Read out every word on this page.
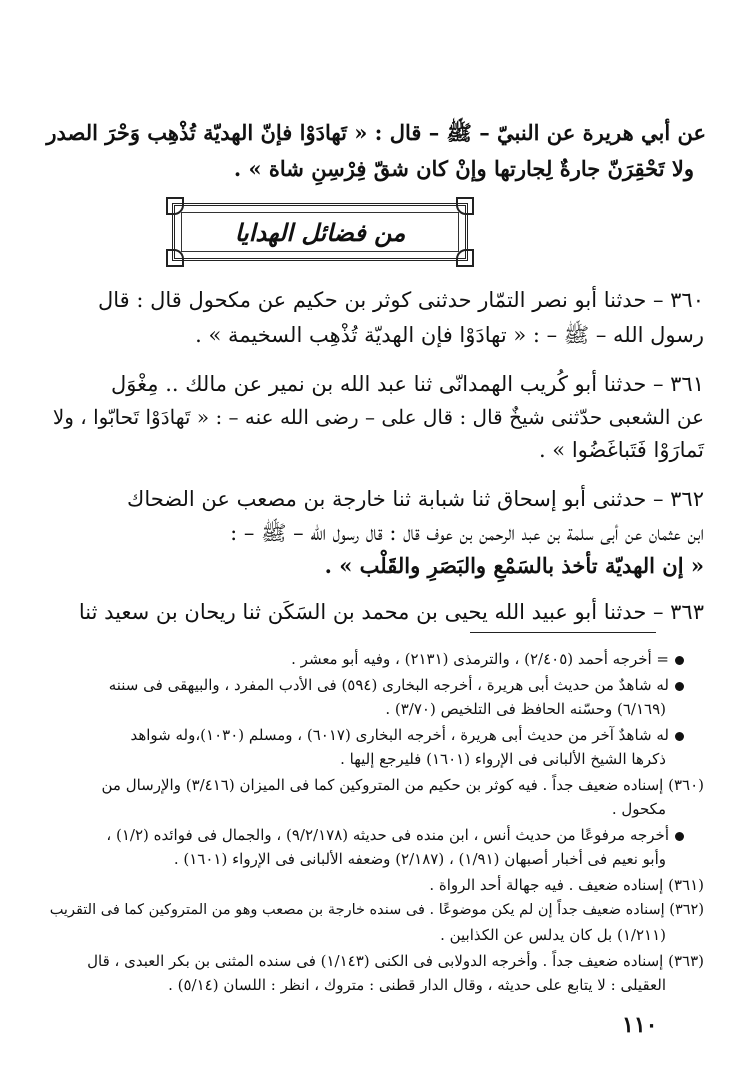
عن أبي هريرة عن النبيّ – ﷺ – قال : « تَهادَوْا فإنّ الهديّة تُذْهِب وَحْرَ الصدر
ولا تَحْقِرَنّ جارةٌ لِجارتها وإنْ كان شقّ فِرْسِنِ شاة » .
من فضائل الهدايا
٣٦٠ – حدثنا أبو نصر التمّار حدثنى كوثر بن حكيم عن مكحول قال : قال
رسول الله – ﷺ – : « تهادَوْا فإن الهديّة تُذْهِب السخيمة » .
٣٦١ – حدثنا أبو كُريب الهمدانّى ثنا عبد الله بن نمير عن مالك .. مِغْوَل
عن الشعبى حدّثنى شيخٌ قال : قال على – رضى الله عنه – : « تَهادَوْا تَحابّوا ، ولا
تَمارَوْا فَتَباغَضُوا » .
٣٦٢ – حدثنى أبو إسحاق ثنا شبابة ثنا خارجة بن مصعب عن الضحاك
ابن عثمان عن أبى سلمة بن عبد الرحمن بن عوف قال : قال رسول الله – ﷺ – :
« إن الهديّة تأخذ بالسَمْعِ والبَصَرِ والقَلْب » .
٣٦٣ – حدثنا أبو عبيد الله يحيى بن محمد بن السَكَن ثنا ريحان بن سعيد ثنا
= أخرجه أحمد (٢/٤٠٥) ، والترمذى (٢١٣١) ، وفيه أبو معشر .
له شاهدٌ من حديث أبى هريرة ، أخرجه البخارى (٥٩٤) فى الأدب المفرد ، والبيهقى فى سننه
(٦/١٦٩) وحسّنه الحافظ فى التلخيص (٣/٧٠) .
له شاهدٌ آخر من حديث أبى هريرة ، أخرجه البخارى (٦٠١٧) ، ومسلم (١٠٣٠)،وله شواهد
ذكرها الشيخ الألبانى فى الإرواء (١٦٠١) فليرجع إليها .
(٣٦٠) إسناده ضعيف جداً . فيه كوثر بن حكيم من المتروكين كما فى الميزان (٣/٤١٦) والإرسال من
مكحول .
أخرجه مرفوعًا من حديث أنس ، ابن منده فى حديثه (٩/٢/١٧٨) ، والجمال فى فوائده (١/٢) ،
وأبو نعيم فى أخبار أصبهان (١/٩١) ، (٢/١٨٧) وضعفه الألبانى فى الإرواء (١٦٠١) .
(٣٦١) إسناده ضعيف . فيه جهالة أحد الرواة .
(٣٦٢) إسناده ضعيف جداً إن لم يكن موضوعًا . فى سنده خارجة بن مصعب وهو من المتروكين كما فى التقريب
(١/٢١١) بل كان يدلس عن الكذابين .
(٣٦٣) إسناده ضعيف جداً . وأخرجه الدولابى فى الكنى (١/١٤٣) فى سنده المثنى بن بكر العبدى ، قال
العقيلى : لا يتابع على حديثه ، وقال الدار قطنى : متروك ، انظر : اللسان (٥/١٤) .
١١٠
